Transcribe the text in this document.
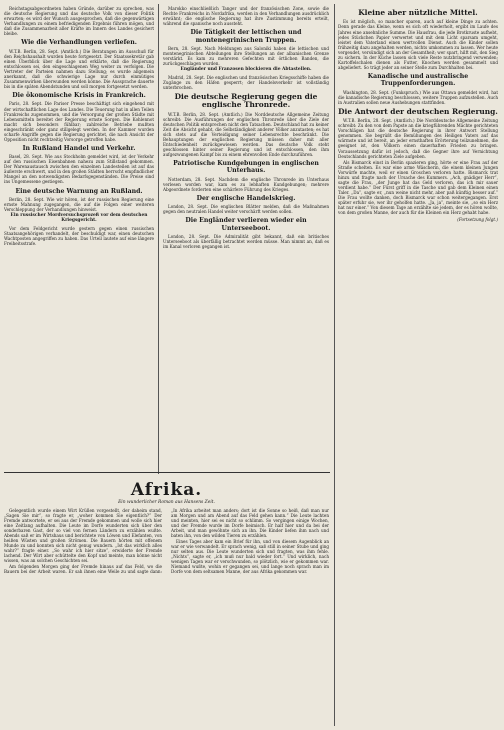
Reichstagsabgeordneten haben Gründe, darüber zu sprechen, was die deutsche Regierung und das deutsche Volk von dieser Politik erwarten; es wird der Wunsch ausgesprochen, daß die gegenwärtigen Verhandlungen zu einem befriedigenden Ergebnis führen mögen, und daß die Zusammenarbeit aller Kräfte im Innern des Landes gesichert bleibe.

Wie die Verhandlungen verliefen.

W.T.B. Berlin, 28. Sept. (Amtlich.) Die Beratungen im Ausschuß für den Reichshaushalt wurden heute fortgesetzt. Der Staatssekretär gab einen Überblick über die Lage und erklärte, daß die Regierung entschlossen sei, den eingeschlagenen Weg weiter zu verfolgen. Die Vertreter der Parteien nahmen dazu Stellung; es wurde allgemein anerkannt, daß die schwierige Lage nur durch einmütiges Zusammenwirken überwunden werden könne. Die Aussprache dauerte bis in die späten Abendstunden und soll morgen fortgesetzt werden.

Die ökonomische Krisis in Frankreich.

Paris, 28. Sept. Die Pariser Presse beschäftigt sich eingehend mit der wirtschaftlichen Lage des Landes. Die Teuerung hat in allen Teilen Frankreichs zugenommen, und die Versorgung der großen Städte mit Lebensmitteln bereitet der Regierung ernste Sorgen. Die Kohlennot macht sich besonders fühlbar; zahlreiche Betriebe mußten eingeschränkt oder ganz stillgelegt werden. In der Kammer wurden scharfe Angriffe gegen die Regierung gerichtet, die nach Ansicht der Opposition nicht rechtzeitig Vorsorge getroffen habe.

In Rußland Handel und Verkehr.

Basel, 28. Sept. Wie aus Stockholm gemeldet wird, ist der Verkehr auf den russischen Eisenbahnen nahezu zum Stillstand gekommen. Der Warenaustausch zwischen den einzelnen Landesteilen ist auf das äußerste erschwert, und in den großen Städten herrscht empfindlicher Mangel an den notwendigsten Bedarfsgegenständen. Die Preise sind ins Ungemessene gestiegen.

Eine deutsche Warnung an Rußland.

Berlin, 28. Sept. Wie wir hören, ist der russischen Regierung eine ernste Mahnung zugegangen, die auf die Folgen einer weiteren Verschleppung der Verhandlungen hinweist.

Ein russischer Mordversuchsprozeß vor dem deutschen Kriegsgericht.

Vor dem Feldgericht wurde gestern gegen einen russischen Staatsangehörigen verhandelt, der beschuldigt war, einen deutschen Wachtposten angegriffen zu haben. Das Urteil lautete auf eine längere Freiheitsstrafe.

Marokko einschließlich Tanger und der französischen Zone, sowie die Rechte Frankreichs in Nordafrika, werden in den Verhandlungen ausdrücklich erwähnt; die englische Regierung hat ihre Zustimmung bereits erteilt, während die spanische noch aussteht.

Die Tätigkeit der lettischen und montenegrinischen Truppen.

Bern, 28. Sept. Nach Meldungen aus Saloniki haben die lettischen und montenegrinischen Abteilungen ihre Stellungen an der albanischen Grenze verstärkt. Es kam zu mehreren Gefechten mit örtlichen Banden, die zurückgeschlagen wurden.

Engländer und Franzosen blockieren die Abtastellen.

Madrid, 28. Sept. Die englischen und französischen Kriegsschiffe haben die Zugänge zu den Häfen gesperrt; der Handelsverkehr ist vollständig unterbrochen.

Die deutsche Regierung gegen die englische Thronrede.

W.T.B. Berlin, 28. Sept. (Amtlich.) Die Norddeutsche Allgemeine Zeitung schreibt: Die Ausführungen der englischen Thronrede über die Ziele der deutschen Politik entsprechen nicht den Tatsachen. Deutschland hat zu keiner Zeit die Absicht gehabt, die Selbständigkeit anderer Völker anzutasten; es hat sich stets auf die Verteidigung seiner Lebensrechte beschränkt. Die Behauptungen der englischen Regierung müssen daher mit aller Entschiedenheit zurückgewiesen werden. Das deutsche Volk steht geschlossen hinter seiner Regierung und ist entschlossen, den ihm aufgezwungenen Kampf bis zu einem ehrenvollen Ende durchzuführen.

Patriotische Kundgebungen in englischen Unterhaus.

Notterdam, 28. Sept. Nachdem die englische Thronrede im Unterhaus verlesen worden war, kam es zu lebhaften Kundgebungen; mehrere Abgeordnete forderten eine schärfere Führung des Krieges.

Der englische Handelskrieg.

London, 28. Sept. Die englischen Blätter melden, daß die Maßnahmen gegen den neutralen Handel weiter verschärft werden sollen.

Die Engländer verlieren wieder ein Unterseeboot.

London, 28. Sept. Die Admiralität gibt bekannt, daß ein britisches Unterseeboot als überfällig betrachtet werden müsse. Man nimmt an, daß es im Kanal verloren gegangen ist.

Kleine aber nützliche Mittel.

Es ist möglich, so mancher sparen, auch auf kleine Dinge zu achten. Denn gerade das Kleine, wenn es sich oft wiederholt, ergibt im Laufe des Jahres eine ansehnliche Summe. Die Hausfrau, die jede Brotkruste aufhebt, jedes Stückchen Papier verwertet und mit dem Licht sparsam umgeht, leistet dem Vaterland einen wertvollen Dienst. Auch die Kinder sollen frühzeitig dazu angehalten werden, nichts umkommen zu lassen. Wer heute vergeudet, versündigt sich an der Gesamtheit; wer spart, hilft mit, den Sieg zu sichern. In der Küche lassen sich viele Reste nutzbringend verwenden; Kartoffelschalen dienen als Futter, Knochen werden gesammelt und abgeliefert. So trägt jeder an seiner Stelle zum Durchhalten bei.

Kanadische und australische Truppenforderungen.

Washington, 28. Sept. (Funkspruch.) Wie aus Ottawa gemeldet wird, hat die kanadische Regierung beschlossen, weitere Truppen aufzustellen. Auch in Australien sollen neue Aushebungen stattfinden.

Die Antwort der deutschen Regierung.

W.T.B. Berlin, 28. Sept. (Amtlich.) Die Norddeutsche Allgemeine Zeitung schreibt: Zu den von dem Papste an die kriegführenden Mächte gerichteten Vorschlägen hat die deutsche Regierung in ihrer Antwort Stellung genommen. Sie begrüßt die Bemühungen des Heiligen Vaters auf das wärmste und ist bereit, an jeder ernsthaften Erörterung teilzunehmen, die geeignet ist, den Völkern einen dauerhaften Frieden zu bringen. Voraussetzung dafür ist jedoch, daß die Gegner ihre auf Vernichtung Deutschlands gerichteten Ziele aufgeben.

Als Bismarck einst in Berlin spazieren ging, hörte er eine Frau auf der Straße schelten. Es war eine arme Wäscherin, die einem kleinen Jungen Vorwürfe machte, weil er einen Groschen verloren hatte. Bismarck trat hinzu und fragte nach der Ursache des Kummers. „Ach, gnädiger Herr“, sagte die Frau, „der Junge hat das Geld verloren, das ich mir sauer verdient habe.“ Der Fürst griff in die Tasche und gab dem Kleinen einen Taler. „Da“, sagte er, „nun weine nicht mehr, aber paß künftig besser auf.“ Die Frau wollte danken, doch Bismarck war schon weitergegangen. Erst später erfuhr sie, wer ihr geholfen hatte. „Ja, ja“, meinte sie, „so ein Herz hat nur einer.“ Von diesem Tage an erzählte sie jedem, der es hören wollte, von dem großen Manne, der auch für die Kleinen ein Herz gehabt habe.

(Fortsetzung folgt.)
Afrika.
Ein wunderlicher Roman aus Hansens Zeit.

Gelegentlich wurde einem Wirt Krüllen vorgestellt, der daheim stand, „Sagen Sie mir“, so fragte er, „woher kommen Sie eigentlich?“ Der Fremde antwortete, er sei aus der Fremde gekommen und wolle sich hier eine Zeitlang aufhalten. Die Leute im Dorfe wunderten sich über den sonderbaren Gast, der so viel von fernen Ländern zu erzählen wußte. Abends saß er im Wirtshaus und berichtete von Löwen und Elefanten, von heißen Wüsten und großen Strömen. Die Bauern hörten mit offenem Munde zu und konnten sich nicht genug wundern. „Ist das wirklich alles wahr?“ fragte einer. „So wahr ich hier sitze“, erwiderte der Fremde lachend. Der Wirt aber schüttelte den Kopf und meinte, man könne nicht wissen, was an solchen Geschichten sei.

Am folgenden Morgen ging der Fremde hinaus auf das Feld, wo die Bauern bei der Arbeit waren. Er sah ihnen eine Weile zu und sagte dann: „In Afrika arbeitet man anders; dort ist die Sonne so heiß, daß man nur am Morgen und am Abend auf das Feld gehen kann.“ Die Leute lachten und meinten, hier sei es nicht so schlimm. So vergingen einige Wochen, und der Fremde wurde im Dorfe heimisch. Er half hier und da bei der Arbeit, und man gewöhnte sich an ihn. Die Kinder liefen ihm nach und baten ihn, von den wilden Tieren zu erzählen.

Eines Tages aber kam ein Brief für ihn, und von diesem Augenblick an war er wie verwandelt. Er sprach wenig, saß still in seiner Stube und ging nur selten aus. Die Leute wunderten sich und fragten, was ihm fehle. „Nichts“, sagte er, „ich muß nur bald wieder fort.“ Und wirklich, nach wenigen Tagen war er verschwunden, so plötzlich, wie er gekommen war. Niemand wußte, wohin er gegangen sei, und lange noch sprach man im Dorfe von dem seltsamen Manne, der aus Afrika gekommen war.
